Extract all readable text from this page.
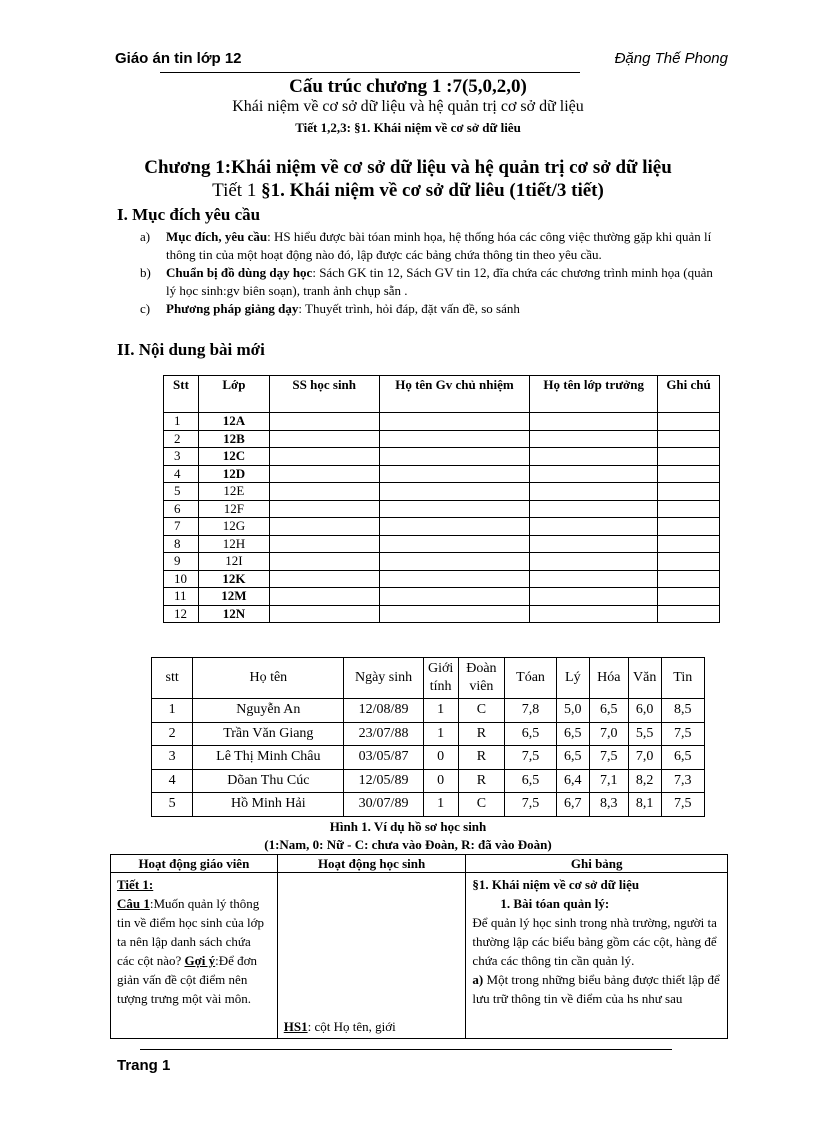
Giáo án tin lớp 12	Đặng Thế Phong
Cấu trúc chương 1 :7(5,0,2,0)
Khái niệm về cơ sở dữ liệu và hệ quản trị cơ sở dữ liệu
Tiết 1,2,3: §1. Khái niệm về cơ sở dữ liêu
Chương 1:Khái niệm về cơ sở dữ liệu và hệ quản trị cơ sở dữ liệu
Tiết 1 §1. Khái niệm về cơ sở dữ liêu (1tiết/3 tiết)
I. Mục đích yêu cầu
a) Mục đích, yêu cầu: HS hiểu được bài tóan minh họa, hệ thống hóa các công việc thường gặp khi quản lí thông tin của một hoạt động nào đó, lập được các bảng chứa thông tin theo yêu cầu.
b) Chuẩn bị đồ dùng dạy học: Sách GK tin 12, Sách GV tin 12, đĩa chứa các chương trình minh họa (quản lý học sinh:gv biên soạn), tranh ảnh chụp sẵn .
c) Phương pháp giảng dạy: Thuyết trình, hỏi đáp, đặt vấn đề, so sánh
II. Nội dung bài mới
Stt	Lớp	SS học sinh	Họ tên Gv chủ nhiệm	Họ tên lớp trưởng	Ghi chú
1	12A				
2	12B				
3	12C				
4	12D				
5	12E				
6	12F				
7	12G				
8	12H				
9	12I				
10	12K				
11	12M				
12	12N				
stt	Họ tên	Ngày sinh	Giới tính	Đoàn viên	Tóan	Lý	Hóa	Văn	Tin
1	Nguyễn An	12/08/89	1	C	7,8	5,0	6,5	6,0	8,5
2	Trần Văn Giang	23/07/88	1	R	6,5	6,5	7,0	5,5	7,5
3	Lê Thị Minh Châu	03/05/87	0	R	7,5	6,5	7,5	7,0	6,5
4	Dõan Thu Cúc	12/05/89	0	R	6,5	6,4	7,1	8,2	7,3
5	Hồ Minh Hải	30/07/89	1	C	7,5	6,7	8,3	8,1	7,5
Hình 1. Ví dụ hồ sơ học sinh
(1:Nam, 0: Nữ - C: chưa vào Đoàn, R: đã vào Đoàn)
Hoạt động giáo viên	Hoạt động học sinh	Ghi bảng
Tiết 1:
Câu 1:Muốn quản lý thông tin về điểm học sinh của lớp ta nên lập danh sách chứa các cột nào? Gợi ý:Để đơn giản vấn đề cột điểm nên tượng trưng một vài môn.	HS1: cột Họ tên, giới	§1. Khái niệm về cơ sở dữ liệu
1. Bài tóan quản lý:
Để quản lý học sinh trong nhà trường, người ta thường lập các biểu bảng gồm các cột, hàng để chứa các thông tin cần quản lý.
a) Một trong những biểu bảng được thiết lập để lưu trữ thông tin về điểm của hs như sau
Trang 1
